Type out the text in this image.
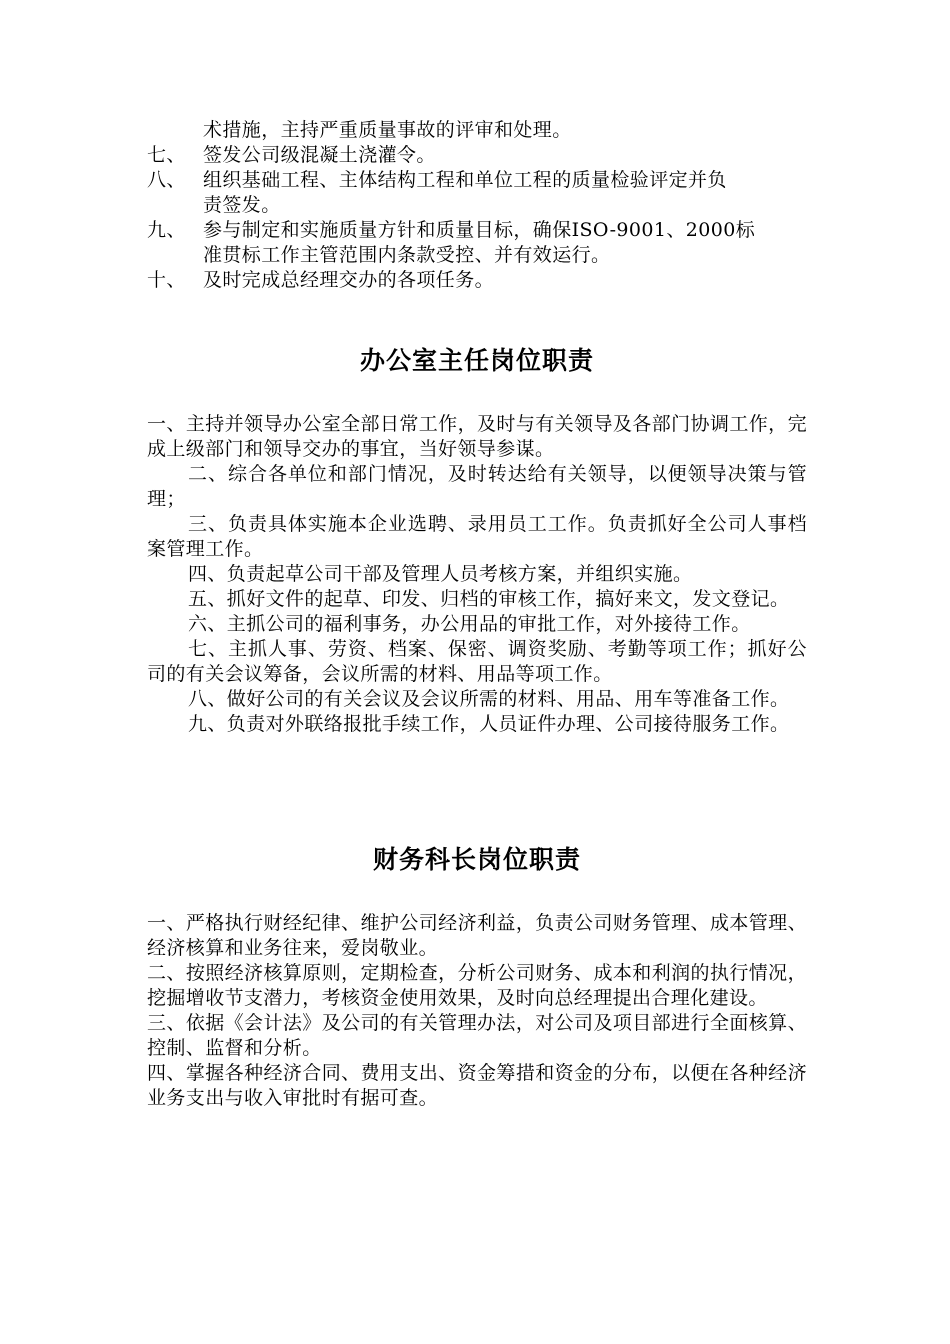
术措施，主持严重质量事故的评审和处理。
七、 签发公司级混凝土浇灌令。
八、 组织基础工程、主体结构工程和单位工程的质量检验评定并负
责签发。
九、 参与制定和实施质量方针和质量目标，确保ISO-9001、2000标
准贯标工作主管范围内条款受控、并有效运行。
十、 及时完成总经理交办的各项任务。
办公室主任岗位职责

一、主持并领导办公室全部日常工作，及时与有关领导及各部门协调工作，完成上级部门和领导交办的事宜，当好领导参谋。

二、综合各单位和部门情况，及时转达给有关领导，以便领导决策与管理；

三、负责具体实施本企业选聘、录用员工工作。负责抓好全公司人事档案管理工作。

四、负责起草公司干部及管理人员考核方案，并组织实施。

五、抓好文件的起草、印发、归档的审核工作，搞好来文，发文登记。

六、主抓公司的福利事务，办公用品的审批工作，对外接待工作。

七、主抓人事、劳资、档案、保密、调资奖励、考勤等项工作；抓好公司的有关会议筹备，会议所需的材料、用品等项工作。

八、做好公司的有关会议及会议所需的材料、用品、用车等准备工作。

九、负责对外联络报批手续工作，人员证件办理、公司接待服务工作。

财务科长岗位职责

一、严格执行财经纪律、维护公司经济利益，负责公司财务管理、成本管理、经济核算和业务往来，爱岗敬业。

二、按照经济核算原则，定期检查，分析公司财务、成本和利润的执行情况，挖掘增收节支潜力，考核资金使用效果，及时向总经理提出合理化建设。

三、依据《会计法》及公司的有关管理办法，对公司及项目部进行全面核算、控制、监督和分析。

四、掌握各种经济合同、费用支出、资金筹措和资金的分布，以便在各种经济业务支出与收入审批时有据可查。
